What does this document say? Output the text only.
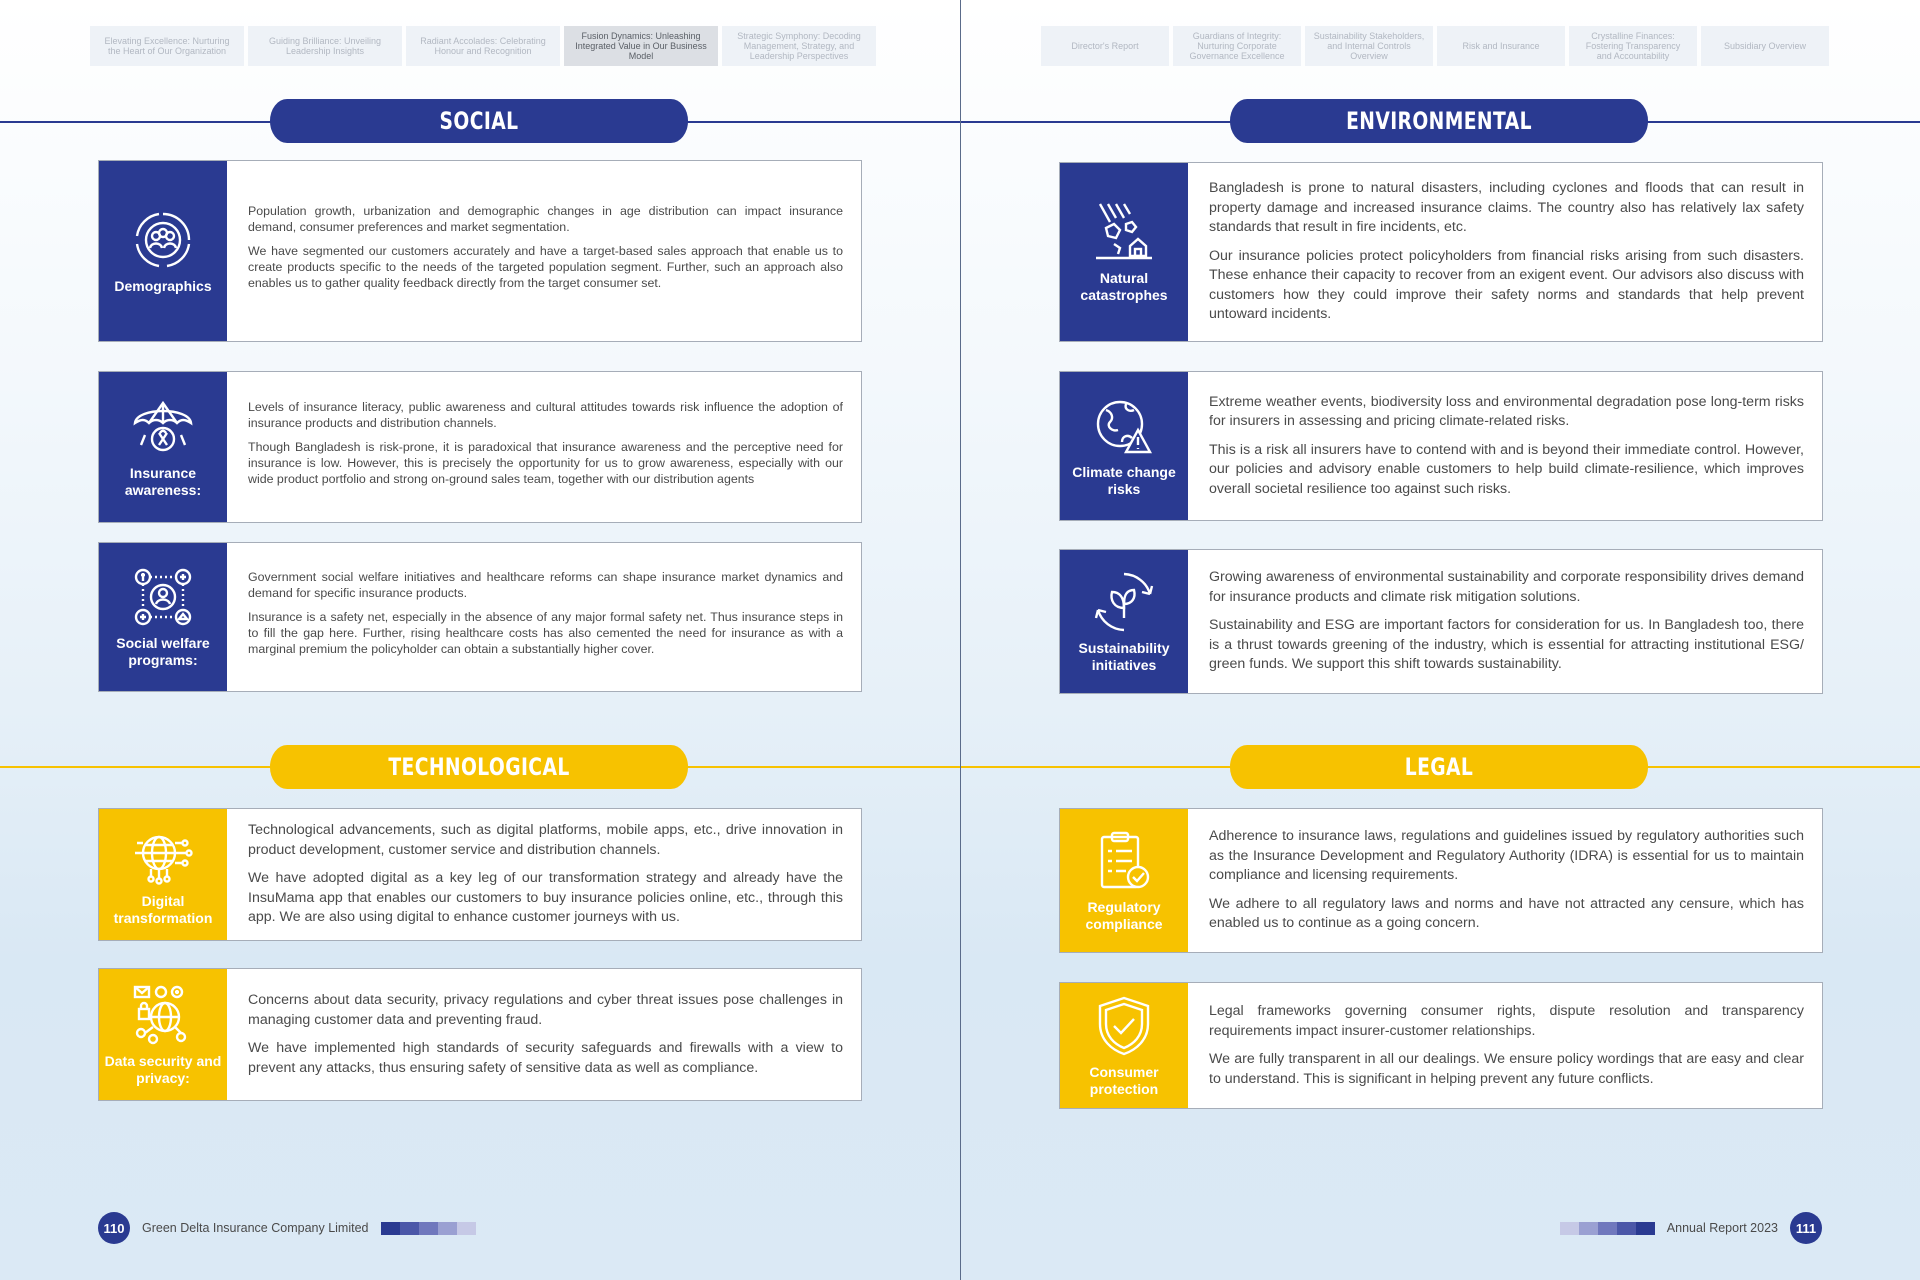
Elevating Excellence: Nurturing the Heart of Our Organization
Guiding Brilliance: Unveiling Leadership Insights
Radiant Accolades: Celebrating Honour and Recognition
Fusion Dynamics: Unleashing Integrated Value in Our Business Model
Strategic Symphony: Decoding Management, Strategy, and Leadership Perspectives
SOCIAL
Demographics

Population growth, urbanization and demographic changes in age distribution can impact insurance demand, consumer preferences and market segmentation.

We have segmented our customers accurately and have a target-based sales approach that enable us to create products specific to the needs of the targeted population segment. Further, such an approach also enables us to gather quality feedback directly from the target consumer set.

Insurance awareness:

Levels of insurance literacy, public awareness and cultural attitudes towards risk influence the adoption of insurance products and distribution channels.

Though Bangladesh is risk-prone, it is paradoxical that insurance awareness and the perceptive need for insurance is low. However, this is precisely the opportunity for us to grow awareness, especially with our wide product portfolio and strong on-ground sales team, together with our distribution agents

Social welfare programs:

Government social welfare initiatives and healthcare reforms can shape insurance market dynamics and demand for specific insurance products.

Insurance is a safety net, especially in the absence of any major formal safety net. Thus insurance steps in to fill the gap here. Further, rising healthcare costs has also cemented the need for insurance as with a marginal premium the policyholder can obtain a substantially higher cover.

TECHNOLOGICAL
Digital transformation

Technological advancements, such as digital platforms, mobile apps, etc., drive innovation in product development, customer service and distribution channels.

We have adopted digital as a key leg of our transformation strategy and already have the InsuMama app that enables our customers to buy insurance policies online, etc., through this app. We are also using digital to enhance customer journeys with us.

Data security and privacy:

Concerns about data security, privacy regulations and cyber threat issues pose challenges in managing customer data and preventing fraud.

We have implemented high standards of security safeguards and firewalls with a view to prevent any attacks, thus ensuring safety of sensitive data as well as compliance.

110	Green Delta Insurance Company Limited
Director's Report
Guardians of Integrity: Nurturing Corporate Governance Excellence
Sustainability Stakeholders, and Internal Controls Overview
Risk and Insurance
Crystalline Finances: Fostering Transparency and Accountability
Subsidiary Overview
ENVIRONMENTAL
Natural catastrophes

Bangladesh is prone to natural disasters, including cyclones and floods that can result in property damage and increased insurance claims. The country also has relatively lax safety standards that result in fire incidents, etc.

Our insurance policies protect policyholders from financial risks arising from such disasters. These enhance their capacity to recover from an exigent event. Our advisors also discuss with customers how they could improve their safety norms and standards that help prevent untoward incidents.

Climate change risks

Extreme weather events, biodiversity loss and environmental degradation pose long-term risks for insurers in assessing and pricing climate-related risks.

This is a risk all insurers have to contend with and is beyond their immediate control. However, our policies and advisory enable customers to help build climate-resilience, which improves overall societal resilience too against such risks.

Sustainability initiatives

Growing awareness of environmental sustainability and corporate responsibility drives demand for insurance products and climate risk mitigation solutions.

Sustainability and ESG are important factors for consideration for us. In Bangladesh too, there is a thrust towards greening of the industry, which is essential for attracting institutional ESG/ green funds. We support this shift towards sustainability.

LEGAL
Regulatory compliance

Adherence to insurance laws, regulations and guidelines issued by regulatory authorities such as the Insurance Development and Regulatory Authority (IDRA) is essential for us to maintain compliance and licensing requirements.

We adhere to all regulatory laws and norms and have not attracted any censure, which has enabled us to continue as a going concern.

Consumer protection

Legal frameworks governing consumer rights, dispute resolution and transparency requirements impact insurer-customer relationships.

We are fully transparent in all our dealings. We ensure policy wordings that are easy and clear to understand. This is significant in helping prevent any future conflicts.

Annual Report 2023	111
